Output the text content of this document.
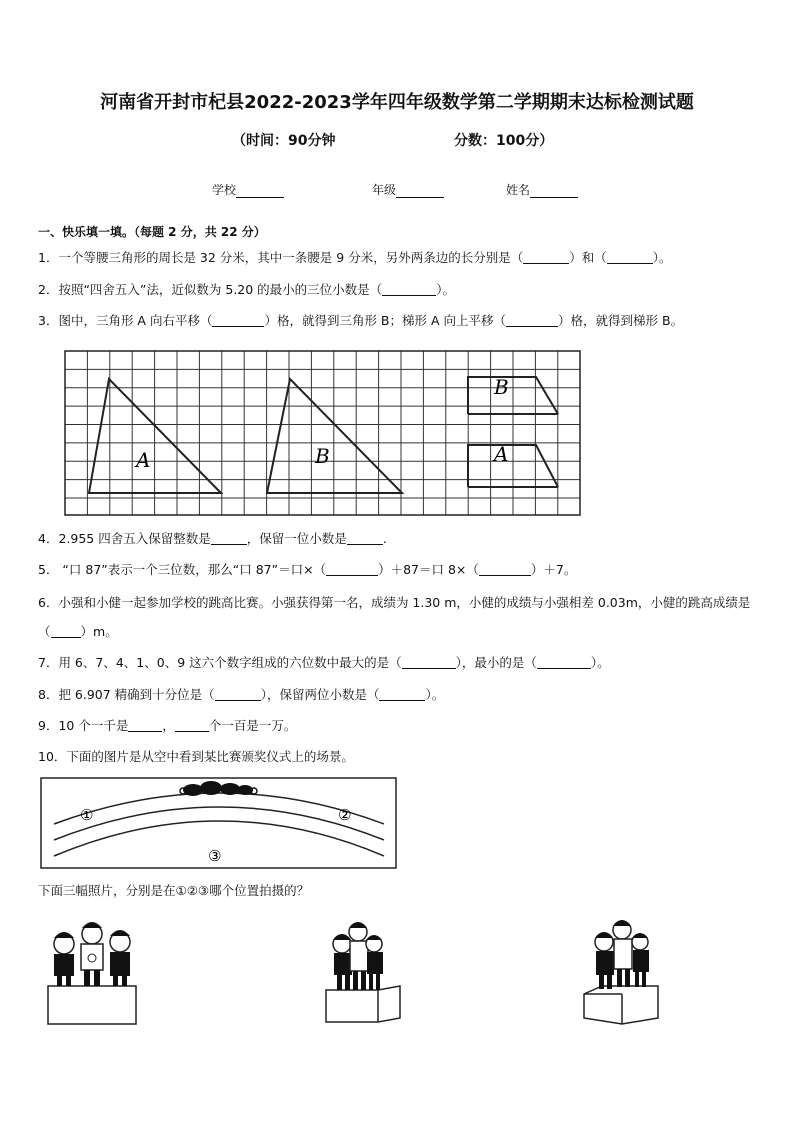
河南省开封市杞县2022-2023学年四年级数学第二学期期末达标检测试题
（时间：90分钟	分数：100分）
学校	年级	姓名
一、快乐填一填。（每题 2 分，共 22 分）
1．一个等腰三角形的周长是 32 分米，其中一条腰是 9 分米，另外两条边的长分别是（	）和（	）。
2．按照“四舍五入”法，近似数为 5.20 的最小的三位小数是（	）。
3．图中，三角形 A 向右平移（	）格，就得到三角形 B；梯形 A 向上平移（	）格，就得到梯形 B。
A	B
B
A
4．2.955 四舍五入保留整数是	，保留一位小数是	.
5． “口 87”表示一个三位数，那么“口 87”＝口×（	）＋87＝口 8×（	）＋7。
6．小强和小健一起参加学校的跳高比赛。小强获得第一名，成绩为 1.30 m，小健的成绩与小强相差 0.03m，小健的跳高成绩是（ ）m。
7．用 6、7、4、1、0、9 这六个数字组成的六位数中最大的是（	），最小的是（	）。
8．把 6.907 精确到十分位是（	），保留两位小数是（	）。
9．10 个一千是	，	个一百是一万。
10．下面的图片是从空中看到某比赛颁奖仪式上的场景。
①	②
③
下面三幅照片，分别是在①②③哪个位置拍摄的？
